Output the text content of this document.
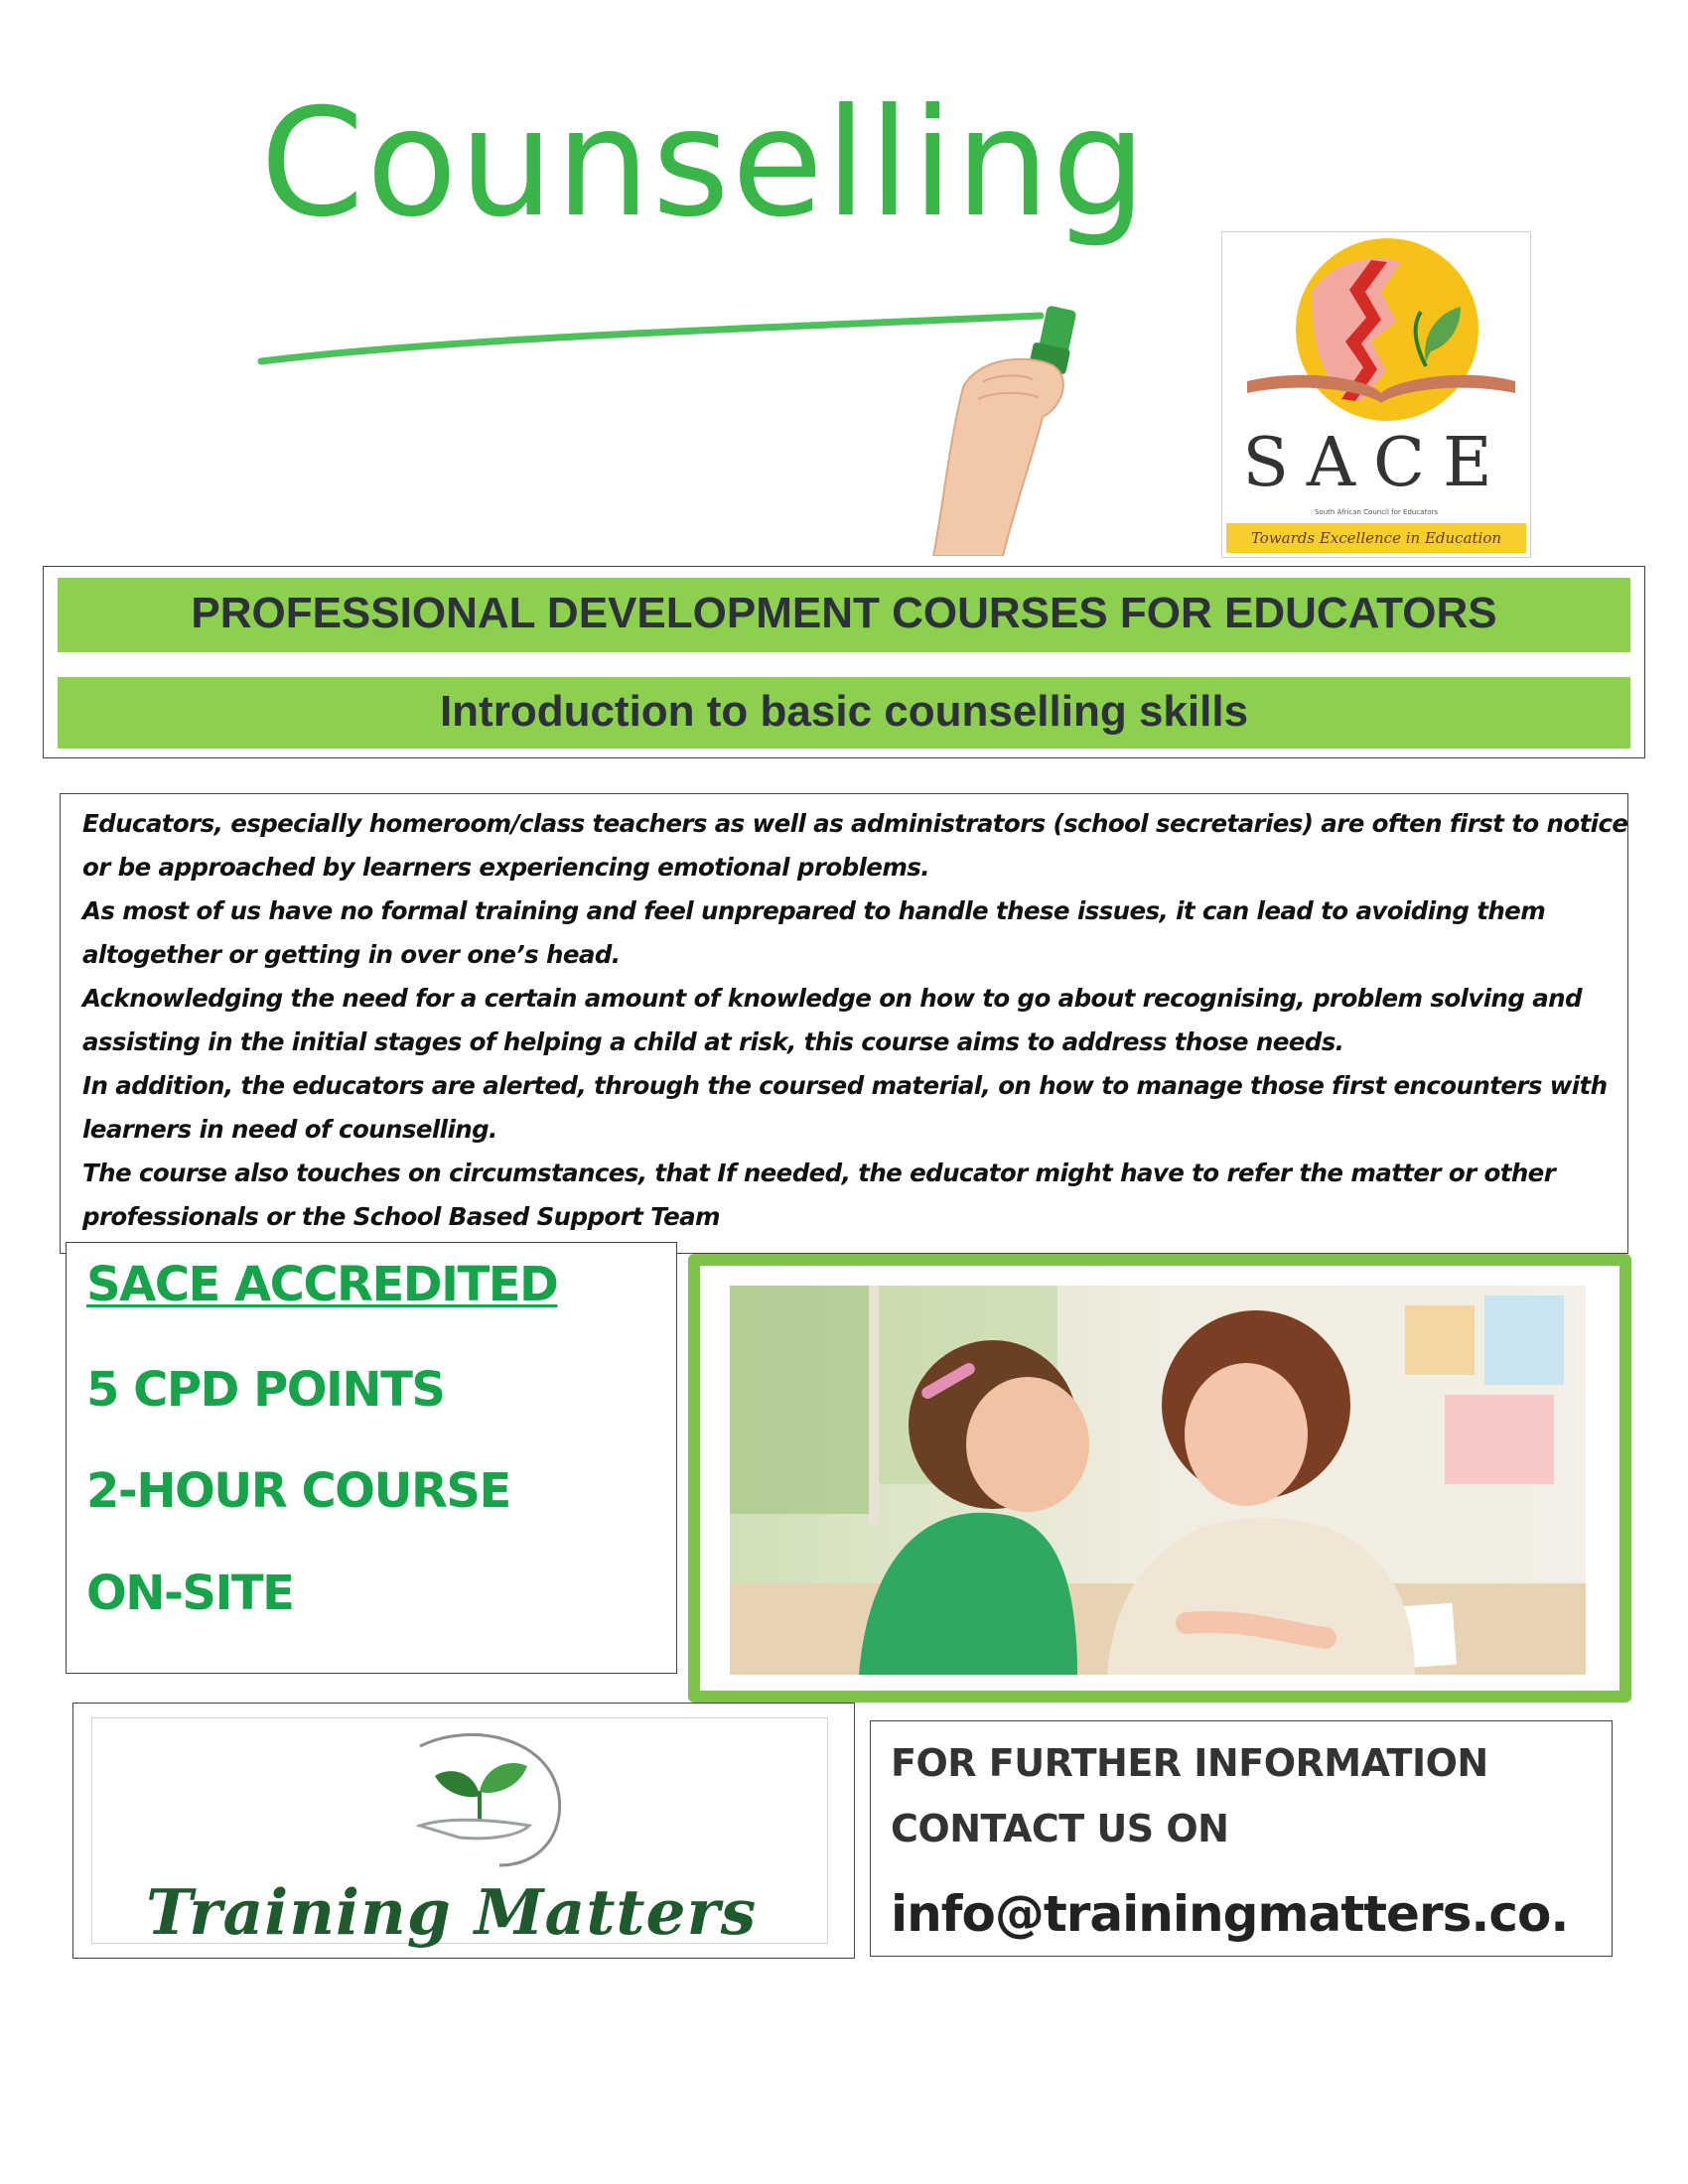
Counselling
SACE
South African Council for Educators
Towards Excellence in Education
PROFESSIONAL DEVELOPMENT COURSES FOR EDUCATORS
Introduction to basic counselling skills
Educators, especially homeroom/class teachers as well as administrators (school secretaries) are often first to notice
or be approached by learners experiencing emotional problems.
As most of us have no formal training and feel unprepared to handle these issues, it can lead to avoiding them
altogether or getting in over one’s head.
Acknowledging the need for a certain amount of knowledge on how to go about recognising, problem solving and
assisting in the initial stages of helping a child at risk, this course aims to address those needs.
In addition, the educators are alerted, through the coursed material, on how to manage those first encounters with
learners in need of counselling.
The course also touches on circumstances, that If needed, the educator might have to refer the matter or other
professionals or the School Based Support Team
SACE ACCREDITED
5 CPD POINTS
2-HOUR COURSE
ON-SITE
Training Matters
FOR FURTHER INFORMATION
CONTACT US ON
info@trainingmatters.co.
